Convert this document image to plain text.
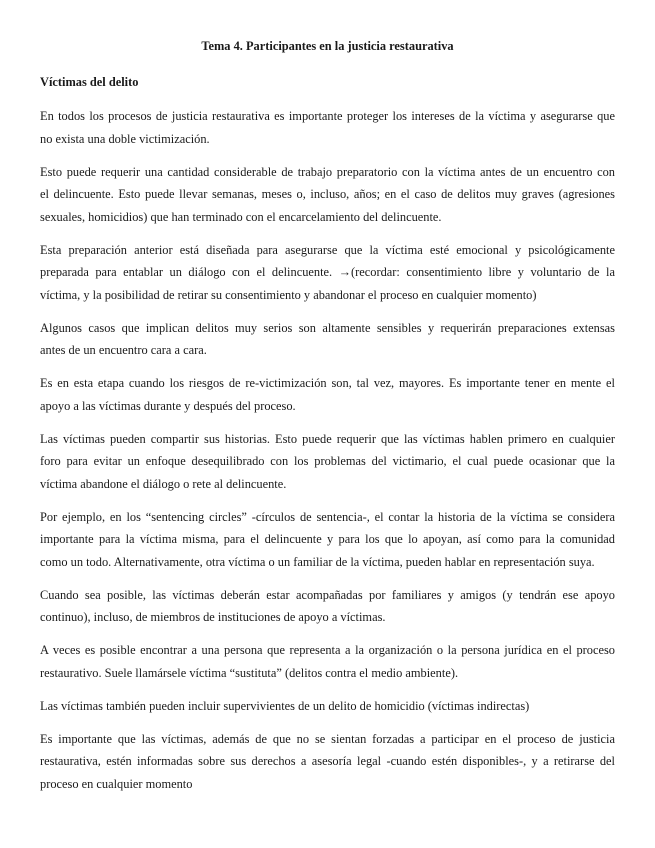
Tema 4. Participantes en la justicia restaurativa
Víctimas del delito
En todos los procesos de justicia restaurativa es importante proteger los intereses de la víctima y asegurarse que
no exista una doble victimización.
Esto puede requerir una cantidad considerable de trabajo preparatorio con la víctima antes de un encuentro con
el delincuente. Esto puede llevar semanas, meses o, incluso, años; en el caso de delitos muy graves (agresiones
sexuales, homicidios) que han terminado con el encarcelamiento del delincuente.
Esta preparación anterior está diseñada para asegurarse que la víctima esté emocional y psicológicamente
preparada para entablar un diálogo con el delincuente. →(recordar: consentimiento libre y voluntario de la
víctima, y la posibilidad de retirar su consentimiento y abandonar el proceso en cualquier momento)
Algunos casos que implican delitos muy serios son altamente sensibles y requerirán preparaciones extensas
antes de un encuentro cara a cara.
Es en esta etapa cuando los riesgos de re-victimización son, tal vez, mayores. Es importante tener en mente el
apoyo a las víctimas durante y después del proceso.
Las víctimas pueden compartir sus historias. Esto puede requerir que las víctimas hablen primero en cualquier
foro para evitar un enfoque desequilibrado con los problemas del victimario, el cual puede ocasionar que la
víctima abandone el diálogo o rete al delincuente.
Por ejemplo, en los “sentencing circles” -círculos de sentencia-, el contar la historia de la víctima se considera
importante para la víctima misma, para el delincuente y para los que lo apoyan, así como para la comunidad
como un todo. Alternativamente, otra víctima o un familiar de la víctima, pueden hablar en representación suya.
Cuando sea posible, las víctimas deberán estar acompañadas por familiares y amigos (y tendrán ese apoyo
continuo), incluso, de miembros de instituciones de apoyo a víctimas.
A veces es posible encontrar a una persona que representa a la organización o la persona jurídica en el proceso
restaurativo. Suele llamársele víctima “sustituta” (delitos contra el medio ambiente).
Las víctimas también pueden incluir supervivientes de un delito de homicidio (víctimas indirectas)
Es importante que las víctimas, además de que no se sientan forzadas a participar en el proceso de justicia
restaurativa, estén informadas sobre sus derechos a asesoría legal -cuando estén disponibles-, y a retirarse del
proceso en cualquier momento
